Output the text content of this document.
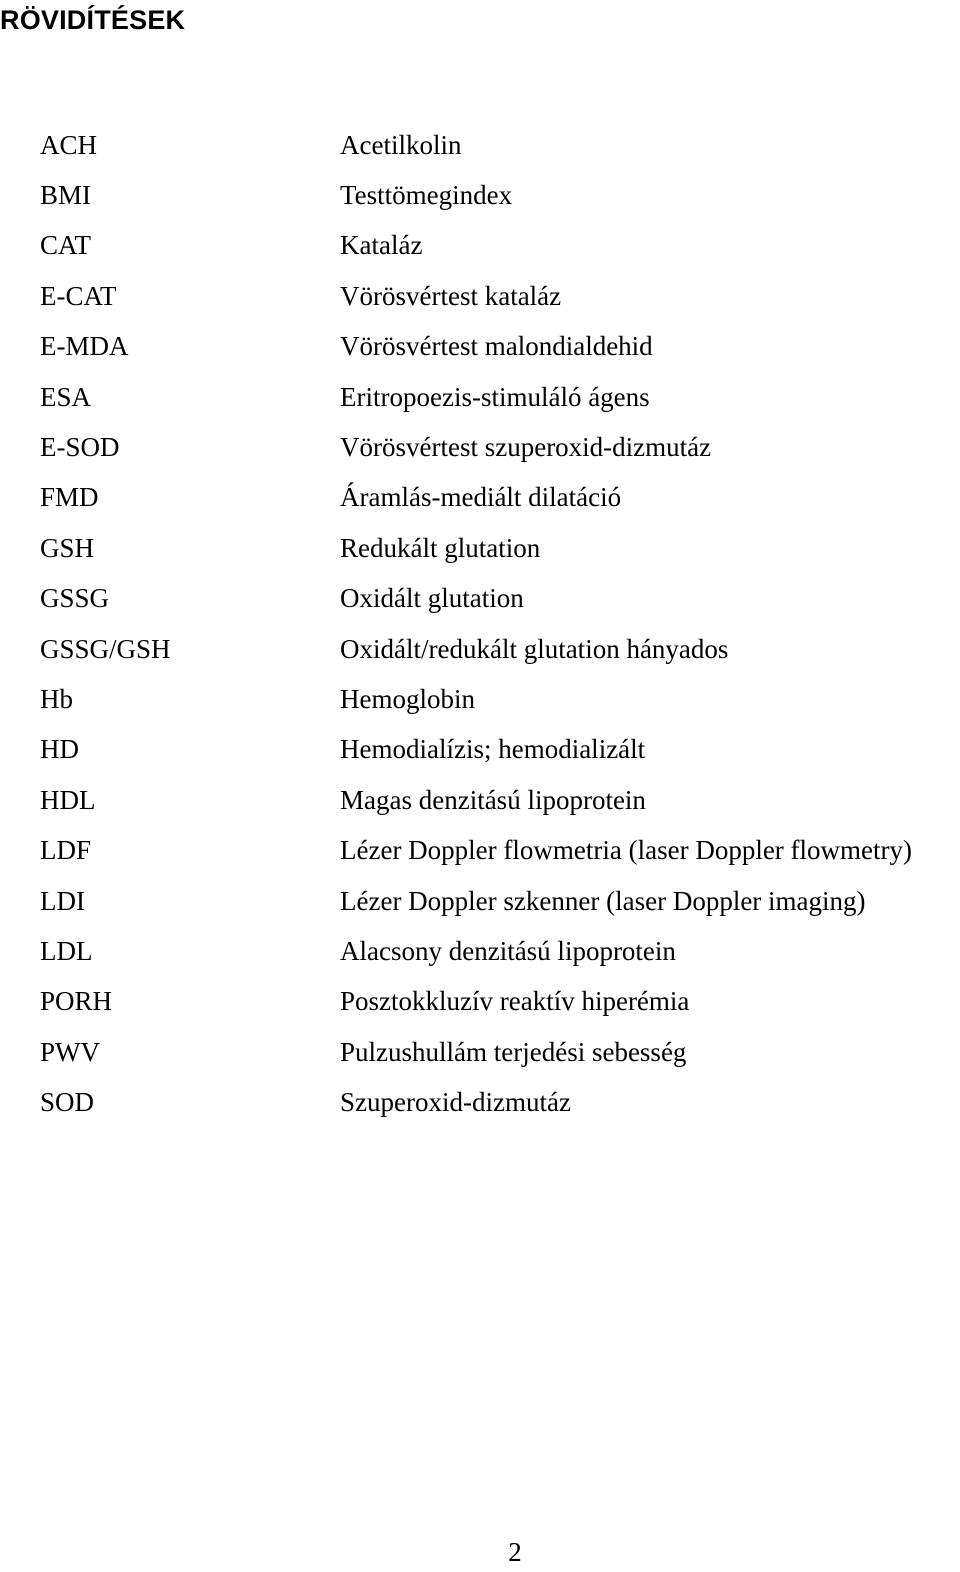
RÖVIDÍTÉSEK
ACH	Acetilkolin
BMI	Testtömegindex
CAT	Kataláz
E-CAT	Vörösvértest kataláz
E-MDA	Vörösvértest malondialdehid
ESA	Eritropoezis-stimuláló ágens
E-SOD	Vörösvértest szuperoxid-dizmutáz
FMD	Áramlás-mediált dilatáció
GSH	Redukált glutation
GSSG	Oxidált glutation
GSSG/GSH	Oxidált/redukált glutation hányados
Hb	Hemoglobin
HD	Hemodialízis; hemodializált
HDL	Magas denzitású lipoprotein
LDF	Lézer Doppler flowmetria (laser Doppler flowmetry)
LDI	Lézer Doppler szkenner (laser Doppler imaging)
LDL	Alacsony denzitású lipoprotein
PORH	Posztokkluzív reaktív hiperémia
PWV	Pulzushullám terjedési sebesség
SOD	Szuperoxid-dizmutáz
2
